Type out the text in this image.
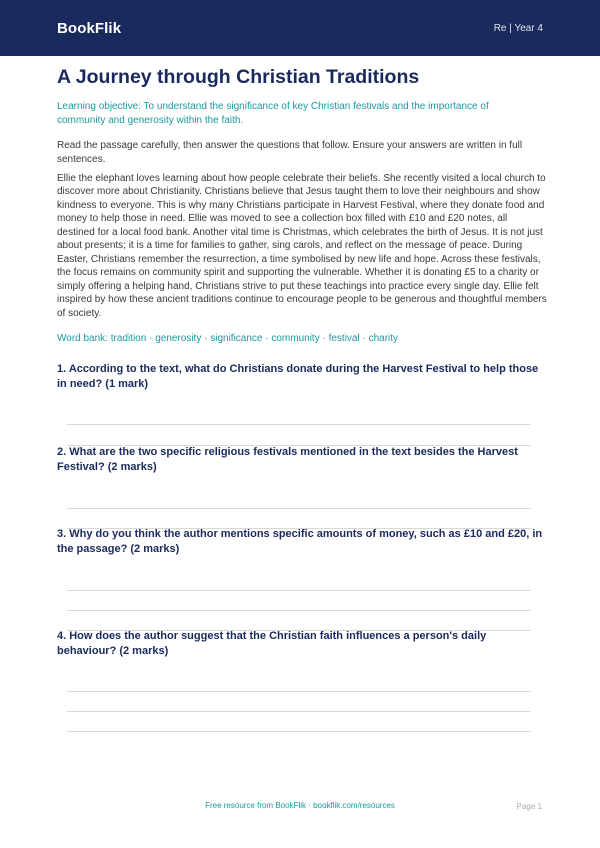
BookFlik	Re | Year 4
A Journey through Christian Traditions

Learning objective: To understand the significance of key Christian festivals and the importance of community and generosity within the faith.

Read the passage carefully, then answer the questions that follow. Ensure your answers are written in full sentences.

Ellie the elephant loves learning about how people celebrate their beliefs. She recently visited a local church to discover more about Christianity. Christians believe that Jesus taught them to love their neighbours and show kindness to everyone. This is why many Christians participate in Harvest Festival, where they donate food and money to help those in need. Ellie was moved to see a collection box filled with £10 and £20 notes, all destined for a local food bank. Another vital time is Christmas, which celebrates the birth of Jesus. It is not just about presents; it is a time for families to gather, sing carols, and reflect on the message of peace. During Easter, Christians remember the resurrection, a time symbolised by new life and hope. Across these festivals, the focus remains on community spirit and supporting the vulnerable. Whether it is donating £5 to a charity or simply offering a helping hand, Christians strive to put these teachings into practice every single day. Ellie felt inspired by how these ancient traditions continue to encourage people to be generous and thoughtful members of society.

Word bank: tradition · generosity · significance · community · festival · charity

1. According to the text, what do Christians donate during the Harvest Festival to help those in need? (1 mark)

2. What are the two specific religious festivals mentioned in the text besides the Harvest Festival? (2 marks)

3. Why do you think the author mentions specific amounts of money, such as £10 and £20, in the passage? (2 marks)

4. How does the author suggest that the Christian faith influences a person's daily behaviour? (2 marks)

Free resource from BookFlik · bookflik.com/resources	Page 1
